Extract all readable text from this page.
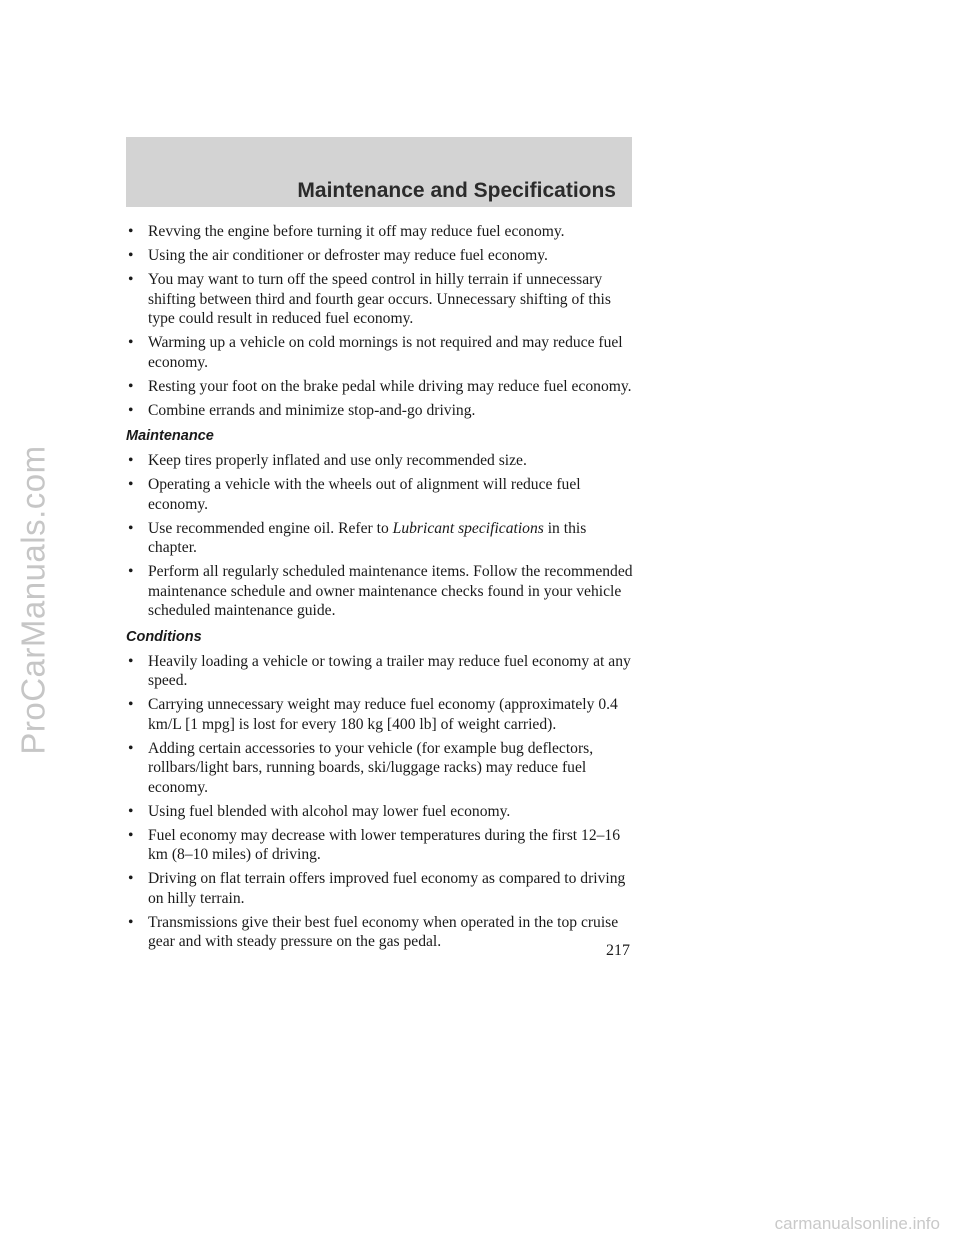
ProCarManuals.com
Maintenance and Specifications
• Revving the engine before turning it off may reduce fuel economy.
• Using the air conditioner or defroster may reduce fuel economy.
• You may want to turn off the speed control in hilly terrain if unnecessary shifting between third and fourth gear occurs. Unnecessary shifting of this type could result in reduced fuel economy.
• Warming up a vehicle on cold mornings is not required and may reduce fuel economy.
• Resting your foot on the brake pedal while driving may reduce fuel economy.
• Combine errands and minimize stop-and-go driving.
Maintenance
• Keep tires properly inflated and use only recommended size.
• Operating a vehicle with the wheels out of alignment will reduce fuel economy.
• Use recommended engine oil. Refer to Lubricant specifications in this chapter.
• Perform all regularly scheduled maintenance items. Follow the recommended maintenance schedule and owner maintenance checks found in your vehicle scheduled maintenance guide.
Conditions
• Heavily loading a vehicle or towing a trailer may reduce fuel economy at any speed.
• Carrying unnecessary weight may reduce fuel economy (approximately 0.4 km/L [1 mpg] is lost for every 180 kg [400 lb] of weight carried).
• Adding certain accessories to your vehicle (for example bug deflectors, rollbars/light bars, running boards, ski/luggage racks) may reduce fuel economy.
• Using fuel blended with alcohol may lower fuel economy.
• Fuel economy may decrease with lower temperatures during the first 12–16 km (8–10 miles) of driving.
• Driving on flat terrain offers improved fuel economy as compared to driving on hilly terrain.
• Transmissions give their best fuel economy when operated in the top cruise gear and with steady pressure on the gas pedal.
217
carmanualsonline.info
